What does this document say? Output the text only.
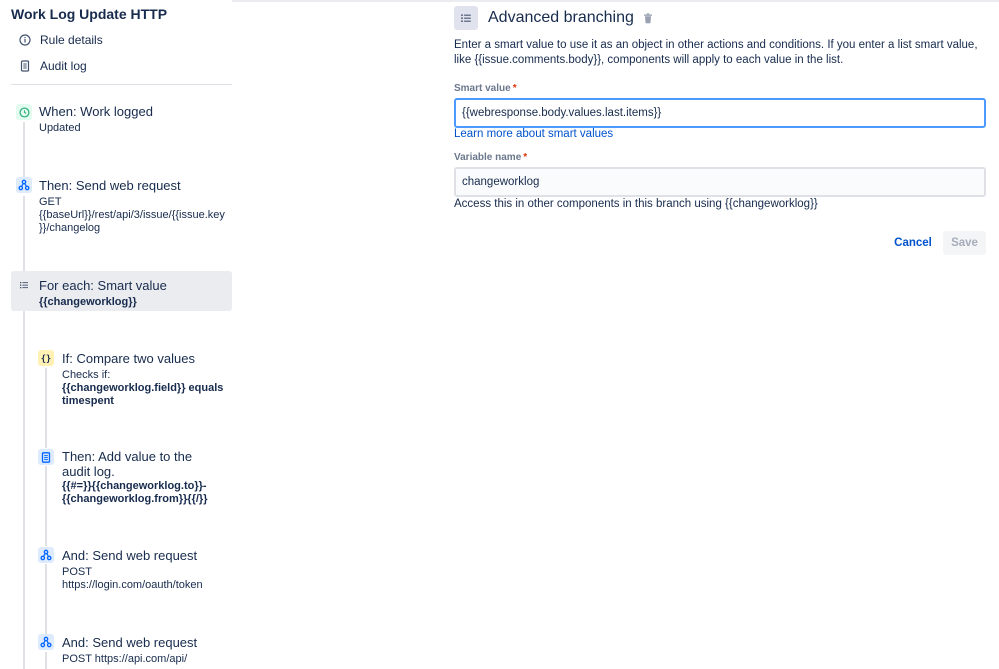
Work Log Update HTTP
Rule details
Audit log
When: Work logged
Updated
Then: Send web request
GET
{{baseUrl}}/rest/api/3/issue/{{issue.key
}}/changelog
For each: Smart value
{{changeworklog}}
{} If: Compare two values
Checks if:
{{changeworklog.field}} equals
timespent
Then: Add value to the
audit log.
{{#=}}{{changeworklog.to}}-
{{changeworklog.from}}{{/}}
And: Send web request
POST
https://login.com/oauth/token
And: Send web request
POST https://api.com/api/
Advanced branching
Enter a smart value to use it as an object in other actions and conditions. If you enter a list smart value, like {{issue.comments.body}}, components will apply to each value in the list.
Smart value *
{{webresponse.body.values.last.items}}
Learn more about smart values
Variable name *
changeworklog
Access this in other components in this branch using {{changeworklog}}
Cancel	Save
